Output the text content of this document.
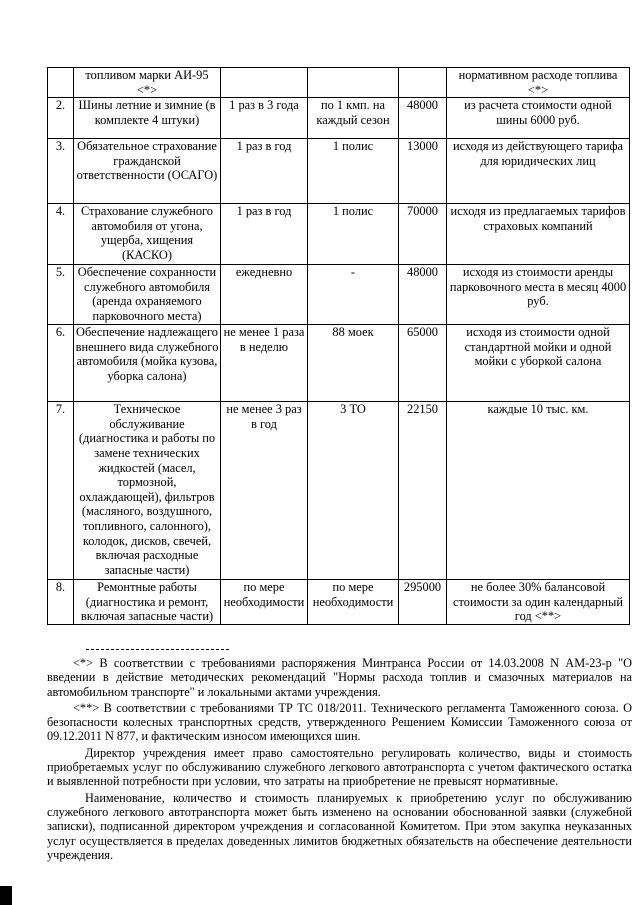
	топливом марки АИ-95 <*>				нормативном расходе топлива <*>
2.	Шины летние и зимние (в комплекте 4 штуки)	1 раз в 3 года	по 1 кмп. на каждый сезон	48000	из расчета стоимости одной шины 6000 руб.
3.	Обязательное страхование гражданской ответственности (ОСАГО)	1 раз в год	1 полис	13000	исходя из действующего тарифа для юридических лиц
4.	Страхование служебного автомобиля от угона, ущерба, хищения (КАСКО)	1 раз в год	1 полис	70000	исходя из предлагаемых тарифов страховых компаний
5.	Обеспечение сохранности служебного автомобиля (аренда охраняемого парковочного места)	ежедневно	-	48000	исходя из стоимости аренды парковочного места в месяц 4000 руб.
6.	Обеспечение надлежащего внешнего вида служебного автомобиля (мойка кузова, уборка салона)	не менее 1 раза в неделю	88 моек	65000	исходя из стоимости одной стандартной мойки и одной мойки с уборкой салона
7.	Техническое обслуживание (диагностика и работы по замене технических жидкостей (масел, тормозной, охлаждающей), фильтров (масляного, воздушного, топливного, салонного), колодок, дисков, свечей, включая расходные запасные части)	не менее 3 раз в год	3 ТО	22150	каждые 10 тыс. км.
8.	Ремонтные работы (диагностика и ремонт, включая запасные части)	по мере необходимости	по мере необходимости	295000	не более 30% балансовой стоимости за один календарный год <**>

<*> В соответствии с требованиями распоряжения Минтранса России от 14.03.2008 N АМ-23-р "О введении в действие методических рекомендаций "Нормы расхода топлив и смазочных материалов на автомобильном транспорте" и локальными актами учреждения.

<**> В соответствии с требованиями ТР ТС 018/2011. Технического регламента Таможенного союза. О безопасности колесных транспортных средств, утвержденного Решением Комиссии Таможенного союза от 09.12.2011 N 877, и фактическим износом имеющихся шин.

Директор учреждения имеет право самостоятельно регулировать количество, виды и стоимость приобретаемых услуг по обслуживанию служебного легкового автотранспорта с учетом фактического остатка и выявленной потребности при условии, что затраты на приобретение не превысят нормативные.

Наименование, количество и стоимость планируемых к приобретению услуг по обслуживанию служебного легкового автотранспорта может быть изменено на основании обоснованной заявки (служебной записки), подписанной директором учреждения и согласованной Комитетом. При этом закупка неуказанных услуг осуществляется в пределах доведенных лимитов бюджетных обязательств на обеспечение деятельности учреждения.
